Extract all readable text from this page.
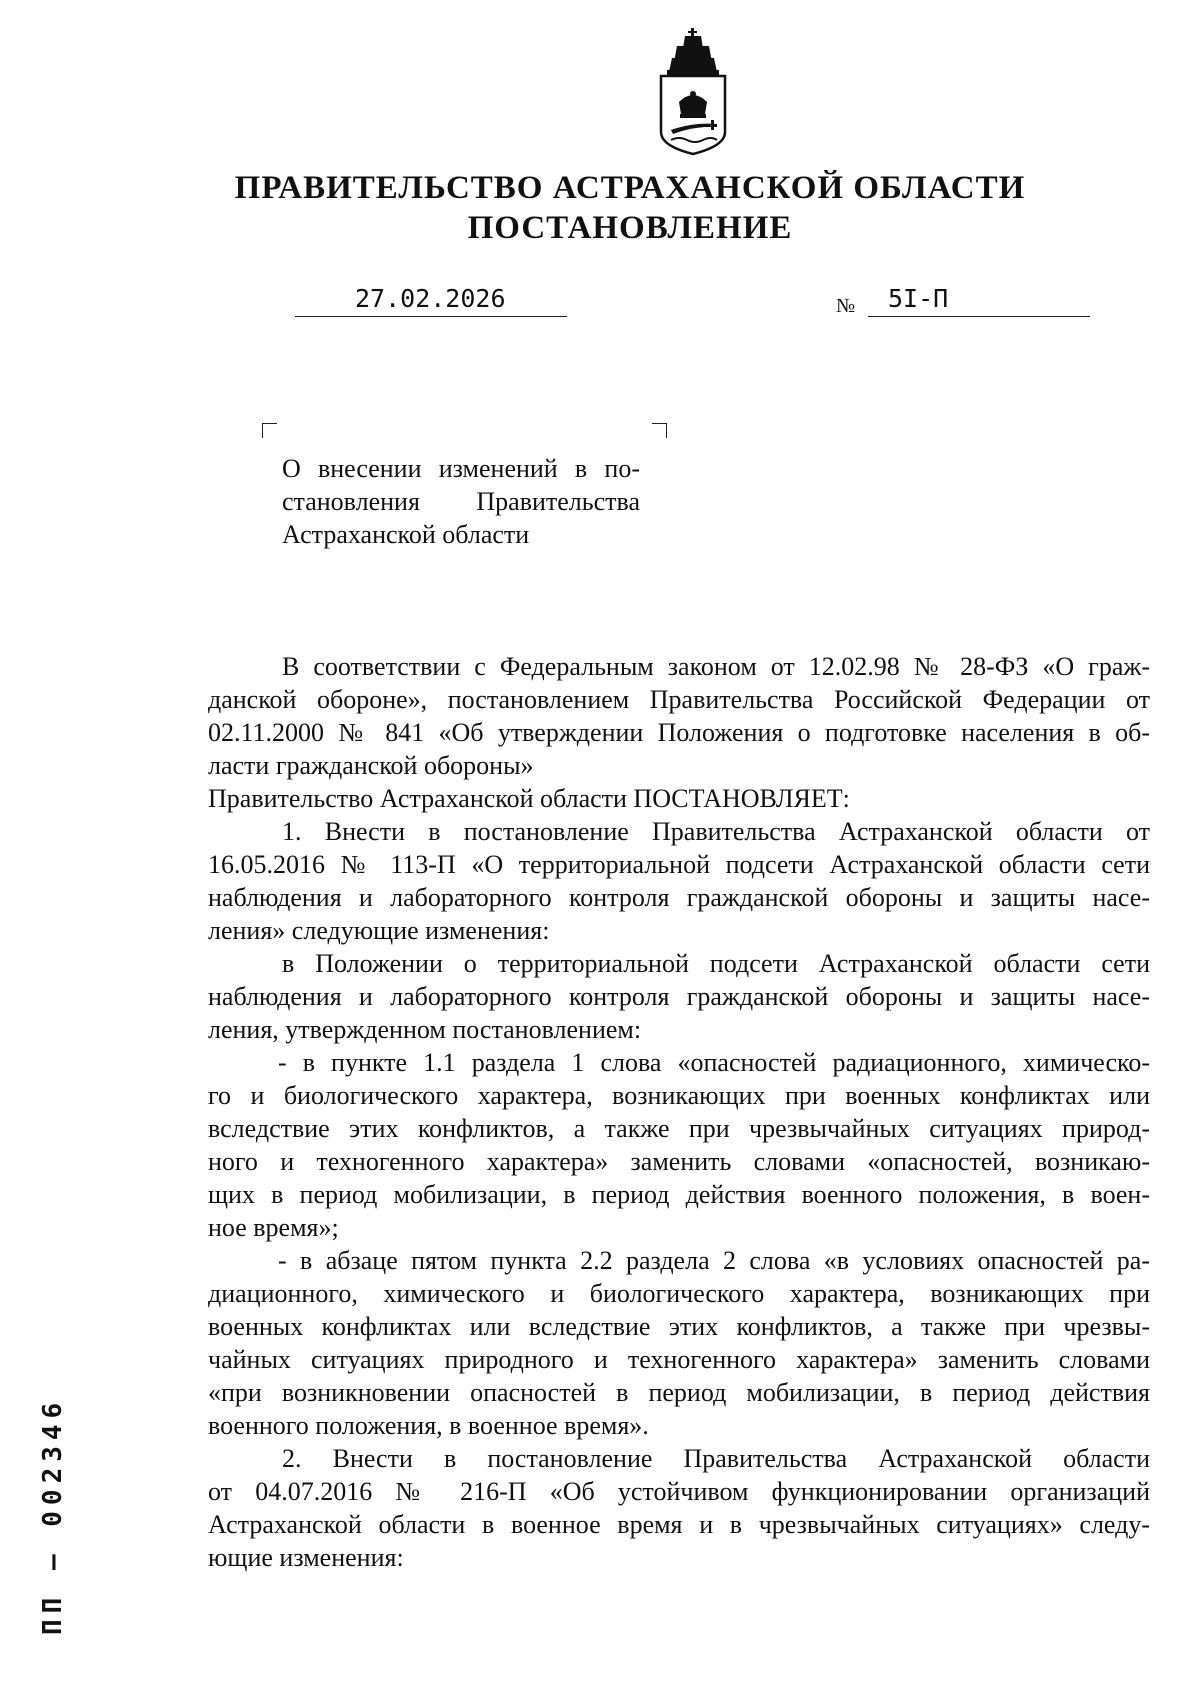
ПРАВИТЕЛЬСТВО АСТРАХАНСКОЙ ОБЛАСТИ
ПОСТАНОВЛЕНИЕ
27.02.2026	№	5I-П
О внесении изменений в по-
становления Правительства
Астраханской области
В соответствии с Федеральным законом от 12.02.98 № 28-ФЗ «О граж-
данской обороне», постановлением Правительства Российской Федерации от
02.11.2000 № 841 «Об утверждении Положения о подготовке населения в об-
ласти гражданской обороны»
Правительство Астраханской области ПОСТАНОВЛЯЕТ:
1. Внести в постановление Правительства Астраханской области от
16.05.2016 № 113-П «О территориальной подсети Астраханской области сети
наблюдения и лабораторного контроля гражданской обороны и защиты насе-
ления» следующие изменения:
в Положении о территориальной подсети Астраханской области сети
наблюдения и лабораторного контроля гражданской обороны и защиты насе-
ления, утвержденном постановлением:
- в пункте 1.1 раздела 1 слова «опасностей радиационного, химическо-
го и биологического характера, возникающих при военных конфликтах или
вследствие этих конфликтов, а также при чрезвычайных ситуациях природ-
ного и техногенного характера» заменить словами «опасностей, возникаю-
щих в период мобилизации, в период действия военного положения, в воен-
ное время»;
- в абзаце пятом пункта 2.2 раздела 2 слова «в условиях опасностей ра-
диационного, химического и биологического характера, возникающих при
военных конфликтах или вследствие этих конфликтов, а также при чрезвы-
чайных ситуациях природного и техногенного характера» заменить словами
«при возникновении опасностей в период мобилизации, в период действия
военного положения, в военное время».
2. Внести в постановление Правительства Астраханской области
от 04.07.2016 № 216-П «Об устойчивом функционировании организаций
Астраханской области в военное время и в чрезвычайных ситуациях» следу-
ющие изменения:
ПП – 002346
